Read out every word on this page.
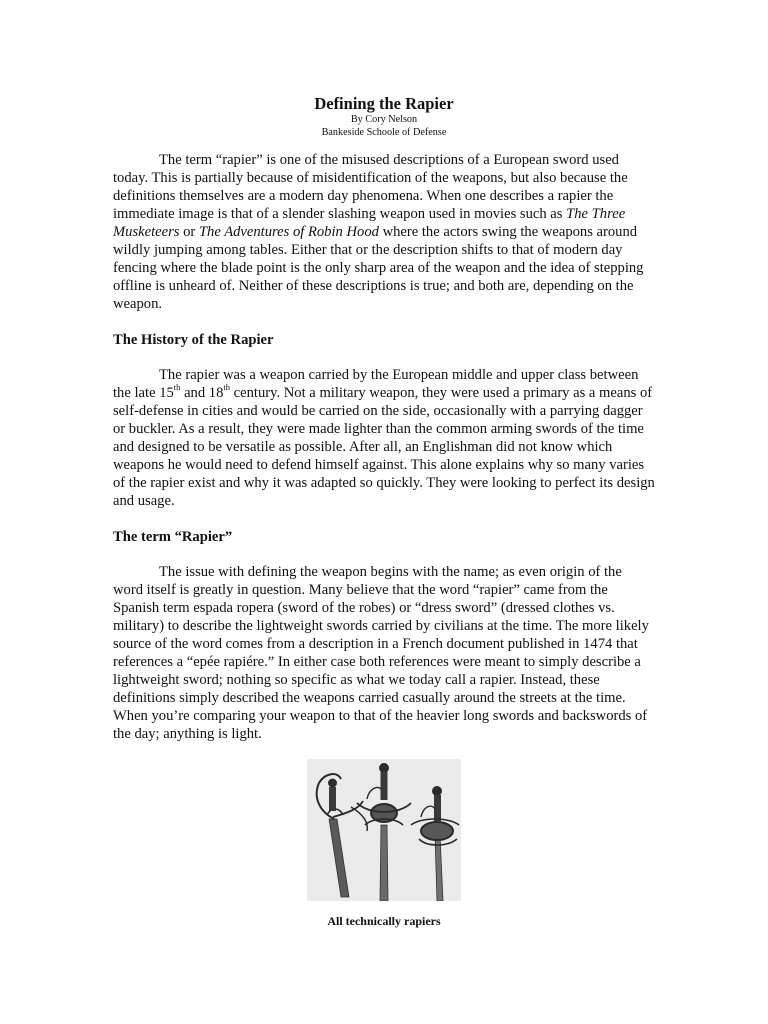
Defining the Rapier
By Cory Nelson
Bankeside Schoole of Defense

The term “rapier” is one of the misused descriptions of a European sword used today. This is partially because of misidentification of the weapons, but also because the definitions themselves are a modern day phenomena. When one describes a rapier the immediate image is that of a slender slashing weapon used in movies such as The Three Musketeers or The Adventures of Robin Hood where the actors swing the weapons around wildly jumping among tables. Either that or the description shifts to that of modern day fencing where the blade point is the only sharp area of the weapon and the idea of stepping offline is unheard of. Neither of these descriptions is true; and both are, depending on the weapon.

The History of the Rapier

The rapier was a weapon carried by the European middle and upper class between the late 15th and 18th century. Not a military weapon, they were used a primary as a means of self-defense in cities and would be carried on the side, occasionally with a parrying dagger or buckler. As a result, they were made lighter than the common arming swords of the time and designed to be versatile as possible. After all, an Englishman did not know which weapons he would need to defend himself against. This alone explains why so many varies of the rapier exist and why it was adapted so quickly. They were looking to perfect its design and usage.

The term “Rapier”

The issue with defining the weapon begins with the name; as even origin of the word itself is greatly in question. Many believe that the word “rapier” came from the Spanish term espada ropera (sword of the robes) or “dress sword” (dressed clothes vs. military) to describe the lightweight swords carried by civilians at the time. The more likely source of the word comes from a description in a French document published in 1474 that references a “epée rapiére.” In either case both references were meant to simply describe a lightweight sword; nothing so specific as what we today call a rapier. Instead, these definitions simply described the weapons carried casually around the streets at the time. When you’re comparing your weapon to that of the heavier long swords and backswords of the day; anything is light.

All technically rapiers
